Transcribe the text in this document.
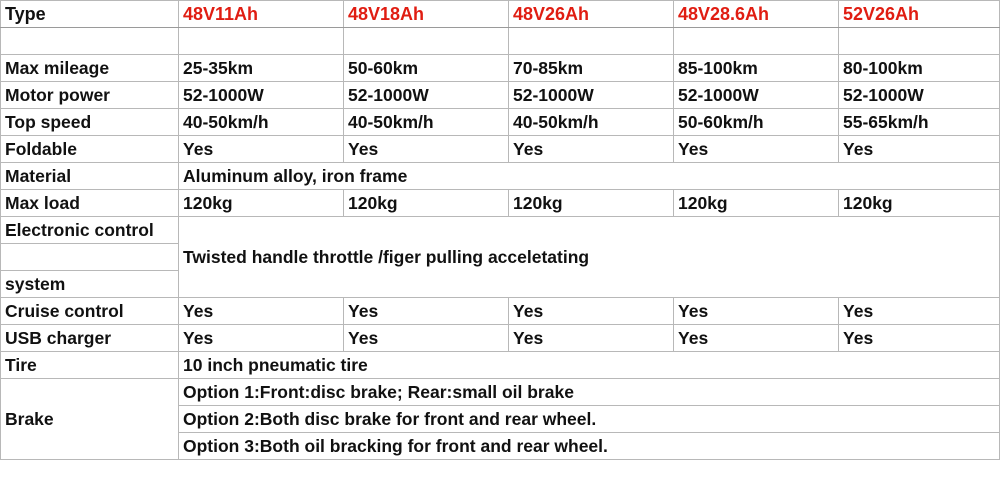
Type	48V11Ah	48V18Ah	48V26Ah	48V28.6Ah	52V26Ah

Max mileage	25-35km	50-60km	70-85km	85-100km	80-100km
Motor power	52-1000W	52-1000W	52-1000W	52-1000W	52-1000W
Top speed	40-50km/h	40-50km/h	40-50km/h	50-60km/h	55-65km/h
Foldable	Yes	Yes	Yes	Yes	Yes
Material	Aluminum alloy, iron frame				
Max load	120kg	120kg	120kg	120kg	120kg
Electronic control	Twisted handle throttle /figer pulling acceletating				

system					
Cruise control	Yes	Yes	Yes	Yes	Yes
USB charger	Yes	Yes	Yes	Yes	Yes
Tire	10 inch pneumatic tire				
Brake	Option 1:Front:disc brake; Rear:small oil brake				
	Option 2:Both disc brake for front and rear wheel.				
	Option 3:Both oil bracking for front and rear wheel.				
